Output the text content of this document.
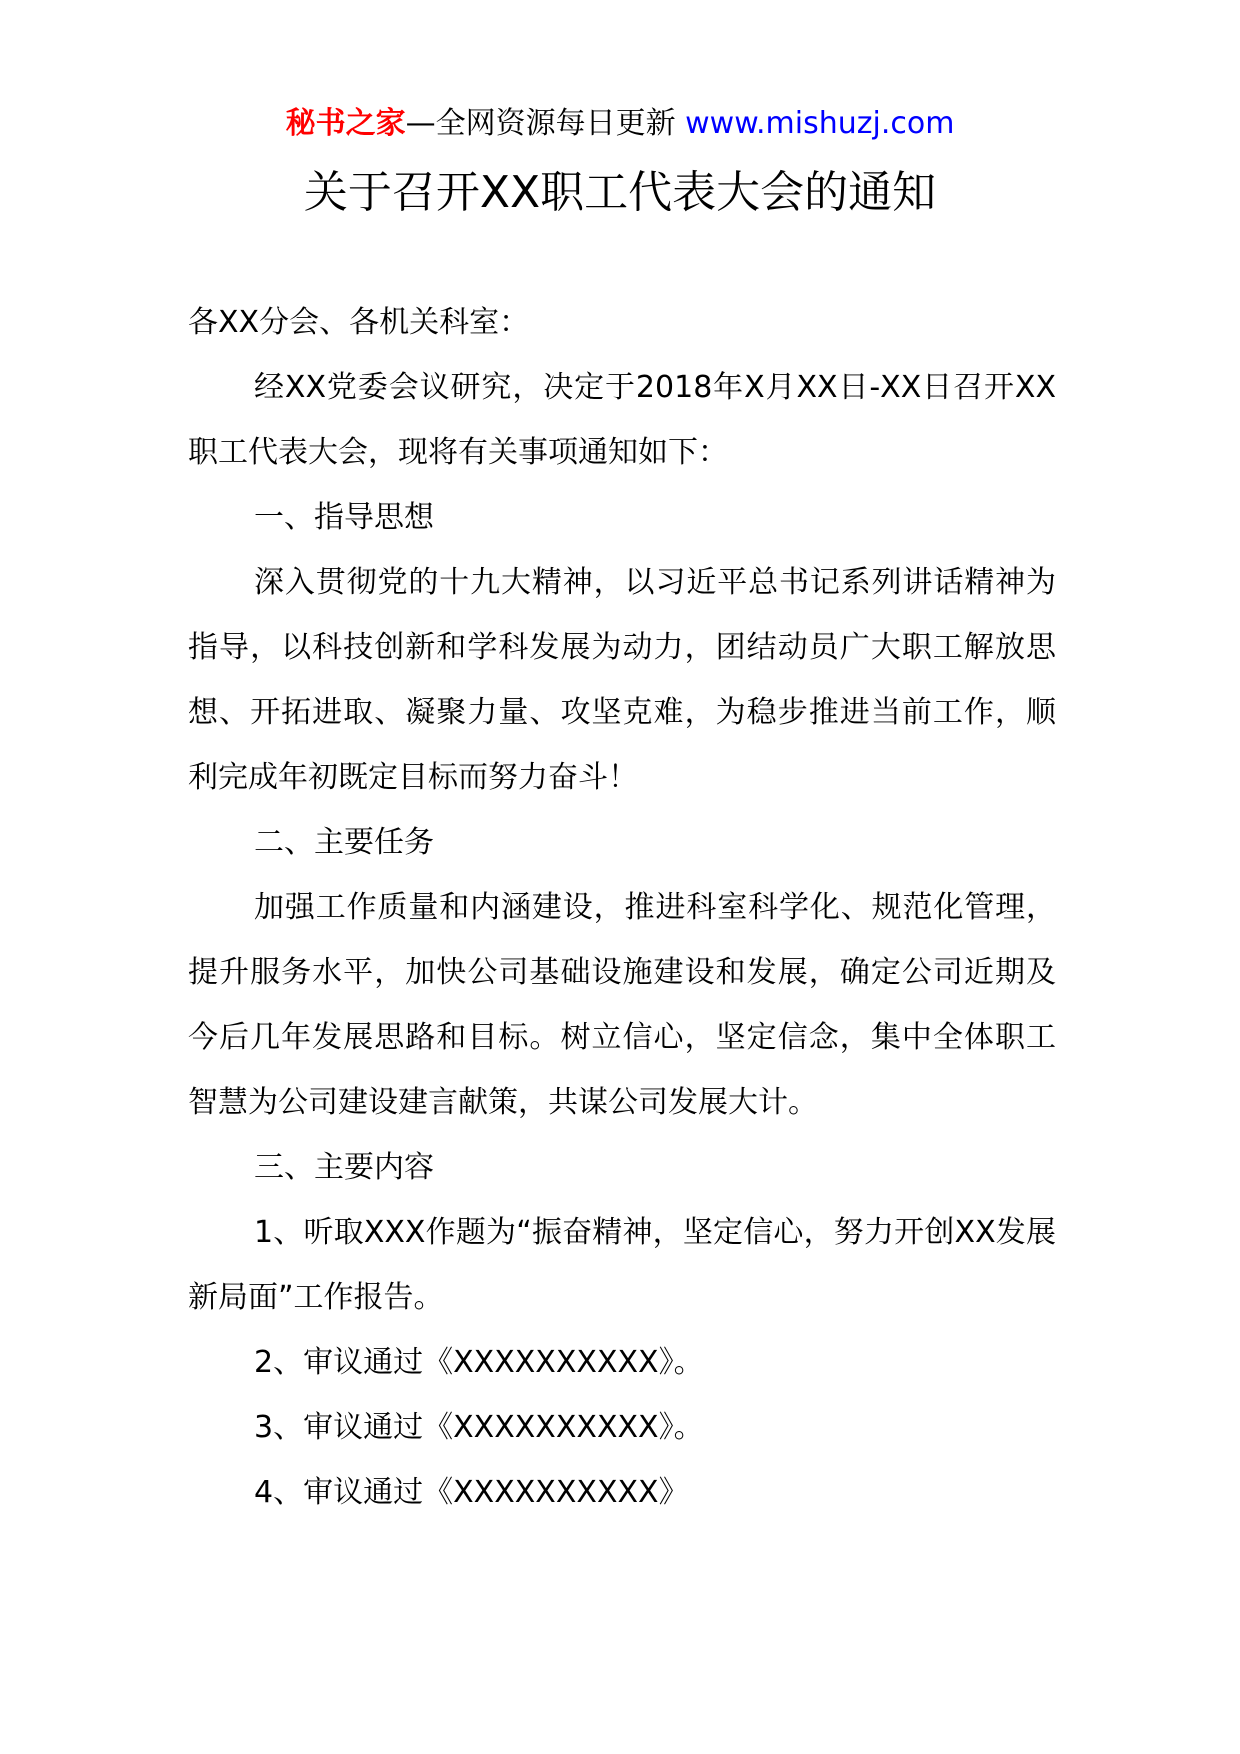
秘书之家—全网资源每日更新 www.mishuzj.com
关于召开XX职工代表大会的通知

各XX分会、各机关科室：

经XX党委会议研究，决定于2018年X月XX日-XX日召开XX职工代表大会，现将有关事项通知如下：

一、指导思想

深入贯彻党的十九大精神，以习近平总书记系列讲话精神为指导，以科技创新和学科发展为动力，团结动员广大职工解放思想、开拓进取、凝聚力量、攻坚克难，为稳步推进当前工作，顺利完成年初既定目标而努力奋斗！

二、主要任务

加强工作质量和内涵建设，推进科室科学化、规范化管理，提升服务水平，加快公司基础设施建设和发展，确定公司近期及今后几年发展思路和目标。树立信心，坚定信念，集中全体职工智慧为公司建设建言献策，共谋公司发展大计。

三、主要内容

1、听取XXX作题为“振奋精神，坚定信心，努力开创XX发展新局面”工作报告。

2、审议通过《XXXXXXXXXX》。

3、审议通过《XXXXXXXXXX》。

4、审议通过《XXXXXXXXXX》
